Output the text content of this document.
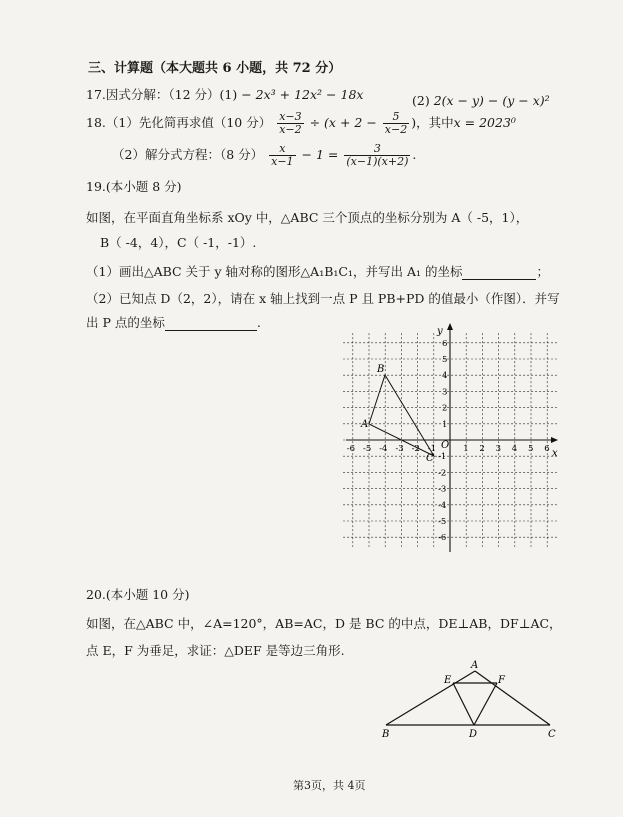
三、计算题（本大题共 6 小题，共 72 分）
17.因式分解：（12 分）(1) − 2x³ + 12x² − 18x	(2) 2(x − y) − (y − x)²
18.（1）先化简再求值（10 分） $\frac{x-3}{x-2} \div (x + 2 - \frac{5}{x-2}$ )，其中x = 2023⁰
（2）解分式方程：（8 分） $\frac{x}{x-1} - 1 = \frac{3}{(x-1)(x+2)}$ .
19.(本小题 8 分)
如图，在平面直角坐标系 xOy 中，△ABC 三个顶点的坐标分别为 A（ -5，1），
B（ -4，4），C（ -1，-1）.
（1）画出△ABC 关于 y 轴对称的图形△A₁B₁C₁，并写出 A₁ 的坐标	；
（2）已知点 D（2，2），请在 x 轴上找到一点 P 且 PB+PD 的值最小（作图）．并写
出 P 点的坐标	.
-6 -5 -4 -3 -2 -1	1 2 3 4 5 6
6
5
4
3
2
1
-1
-2
-3
-4
-5
-6
x
y
O
A
B
C
20.(本小题 10 分)
如图，在△ABC 中，∠A=120°，AB=AC，D 是 BC 的中点，DE⊥AB，DF⊥AC，
点 E，F 为垂足，求证：△DEF 是等边三角形.
A
E	F
B	D	C
第3页，共 4页
